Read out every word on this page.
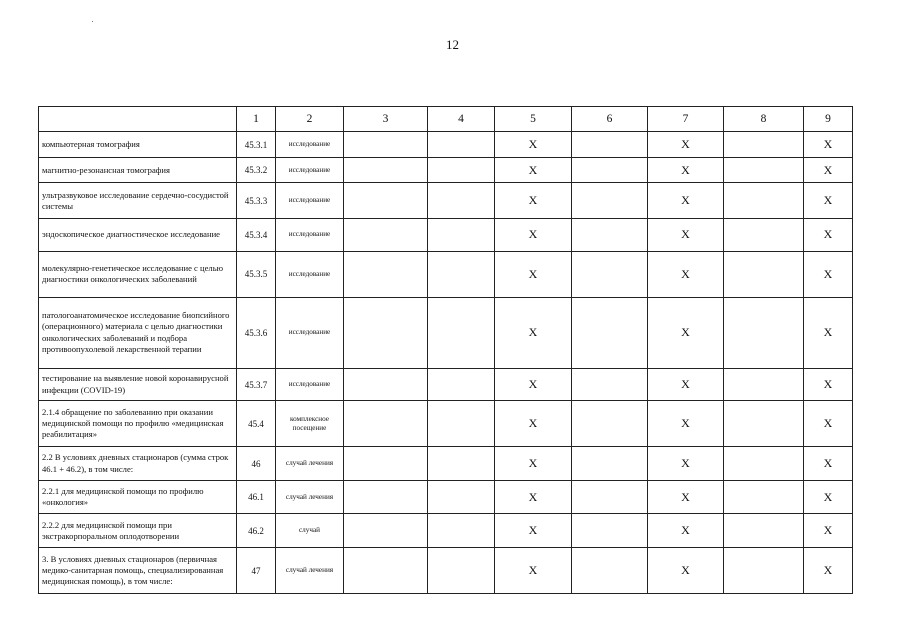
12
	1	2	3	4	5	6	7	8	9
компьютерная томография	45.3.1	исследование			X		X		X
магнитно-резонансная томография	45.3.2	исследование			X		X		X
ультразвуковое исследование сердечно-сосудистой системы	45.3.3	исследование			X		X		X
эндоскопическое диагностическое исследование	45.3.4	исследование			X		X		X
молекулярно-генетическое исследование с целью диагностики онкологических заболеваний	45.3.5	исследование			X		X		X
патологоанатомическое исследование биопсийного (операционного) материала с целью диагностики онкологических заболеваний и подбора противоопухолевой лекарственной терапии	45.3.6	исследование			X		X		X
тестирование на выявление новой коронавирусной инфекции (COVID-19)	45.3.7	исследование			X		X		X
2.1.4 обращение по заболеванию при оказании медицинской помощи по профилю «медицинская реабилитация»	45.4	комплексное посещение			X		X		X
2.2 В условиях дневных стационаров (сумма строк 46.1 + 46.2), в том числе:	46	случай лечения			X		X		X
2.2.1 для медицинской помощи по профилю «онкология»	46.1	случай лечения			X		X		X
2.2.2 для медицинской помощи при экстракорпоральном оплодотворении	46.2	случай			X		X		X
3. В условиях дневных стационаров (первичная медико-санитарная помощь, специализированная медицинская помощь), в том числе:	47	случай лечения			X		X		X
